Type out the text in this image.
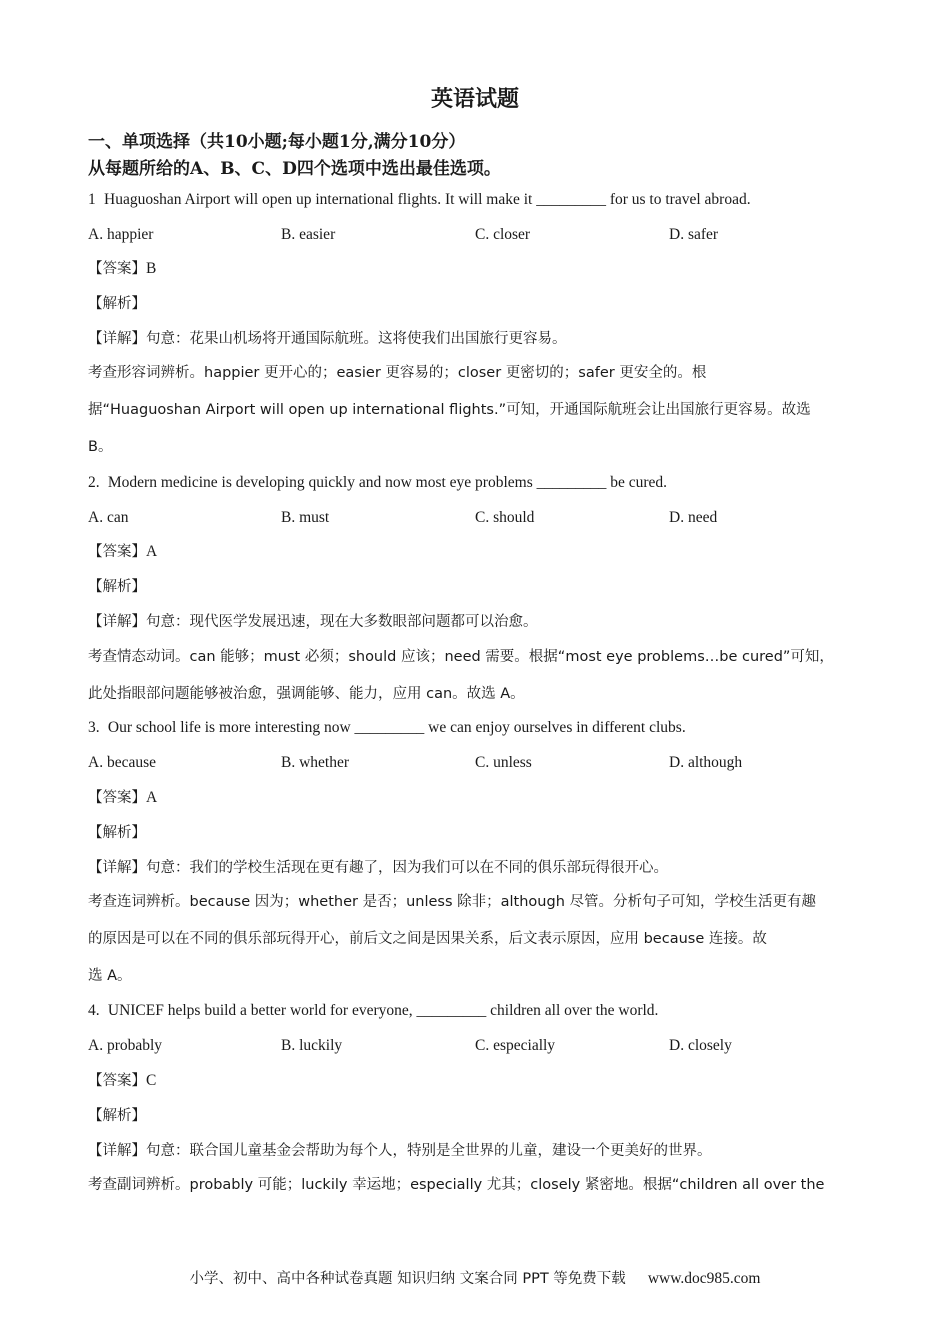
英语试题
一、单项选择（共10小题;每小题1分,满分10分）
从每题所给的A、B、C、D四个选项中选出最佳选项。
1 Huaguoshan Airport will open up international flights. It will make it _________ for us to travel abroad.
A. happier	B. easier	C. closer	D. safer
【答案】B
【解析】
【详解】句意：花果山机场将开通国际航班。这将使我们出国旅行更容易。
考查形容词辨析。happier 更开心的；easier 更容易的；closer 更密切的；safer 更安全的。根
据“Huaguoshan Airport will open up international flights.”可知，开通国际航班会让出国旅行更容易。故选
B。
2. Modern medicine is developing quickly and now most eye problems _________ be cured.
A. can	B. must	C. should	D. need
【答案】A
【解析】
【详解】句意：现代医学发展迅速，现在大多数眼部问题都可以治愈。
考查情态动词。can 能够；must 必须；should 应该；need 需要。根据“most eye problems…be cured”可知，
此处指眼部问题能够被治愈，强调能够、能力，应用 can。故选 A。
3. Our school life is more interesting now _________ we can enjoy ourselves in different clubs.
A. because	B. whether	C. unless	D. although
【答案】A
【解析】
【详解】句意：我们的学校生活现在更有趣了，因为我们可以在不同的俱乐部玩得很开心。
考查连词辨析。because 因为；whether 是否；unless 除非；although 尽管。分析句子可知，学校生活更有趣
的原因是可以在不同的俱乐部玩得开心，前后文之间是因果关系，后文表示原因，应用 because 连接。故
选 A。
4. UNICEF helps build a better world for everyone, _________ children all over the world.
A. probably	B. luckily	C. especially	D. closely
【答案】C
【解析】
【详解】句意：联合国儿童基金会帮助为每个人，特别是全世界的儿童，建设一个更美好的世界。
考查副词辨析。probably 可能；luckily 幸运地；especially 尤其；closely 紧密地。根据“children all over the
小学、初中、高中各种试卷真题 知识归纳 文案合同 PPT 等免费下载 www.doc985.com
